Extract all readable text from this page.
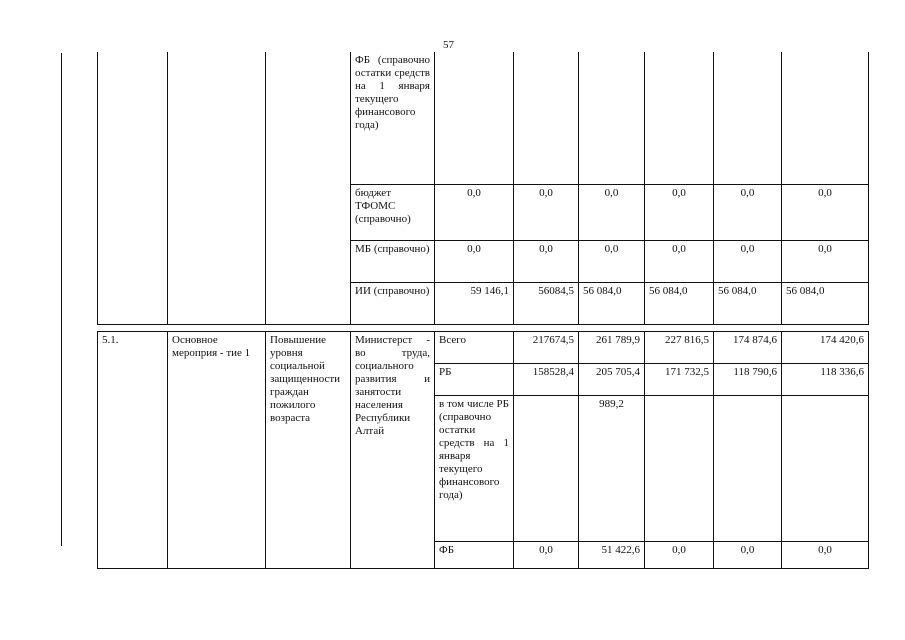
57
			ФБ (справочно остатки средств на 1 января текущего финансового года)							
			бюджет ТФОМС (справочно)	0,0	0,0	0,0	0,0	0,0	0,0	
			МБ (справочно)	0,0	0,0	0,0	0,0	0,0	0,0	
			ИИ (справочно)	59 146,1	56084,5	56 084,0	56 084,0	56 084,0	56 084,0	

5.1.	Основное мероприя - тие 1	Повышение уровня социальной защищенности граждан пожилого возраста	Министерст - во труда, социального развития и занятости населения Республики Алтай	Всего	217674,5	261 789,9	227 816,5	174 874,6	174 420,6	
				РБ	158528,4	205 705,4	171 732,5	118 790,6	118 336,6	
				в том числе РБ (справочно остатки средств на 1 января текущего финансового года)		989,2				
				ФБ	0,0	51 422,6	0,0	0,0	0,0	
